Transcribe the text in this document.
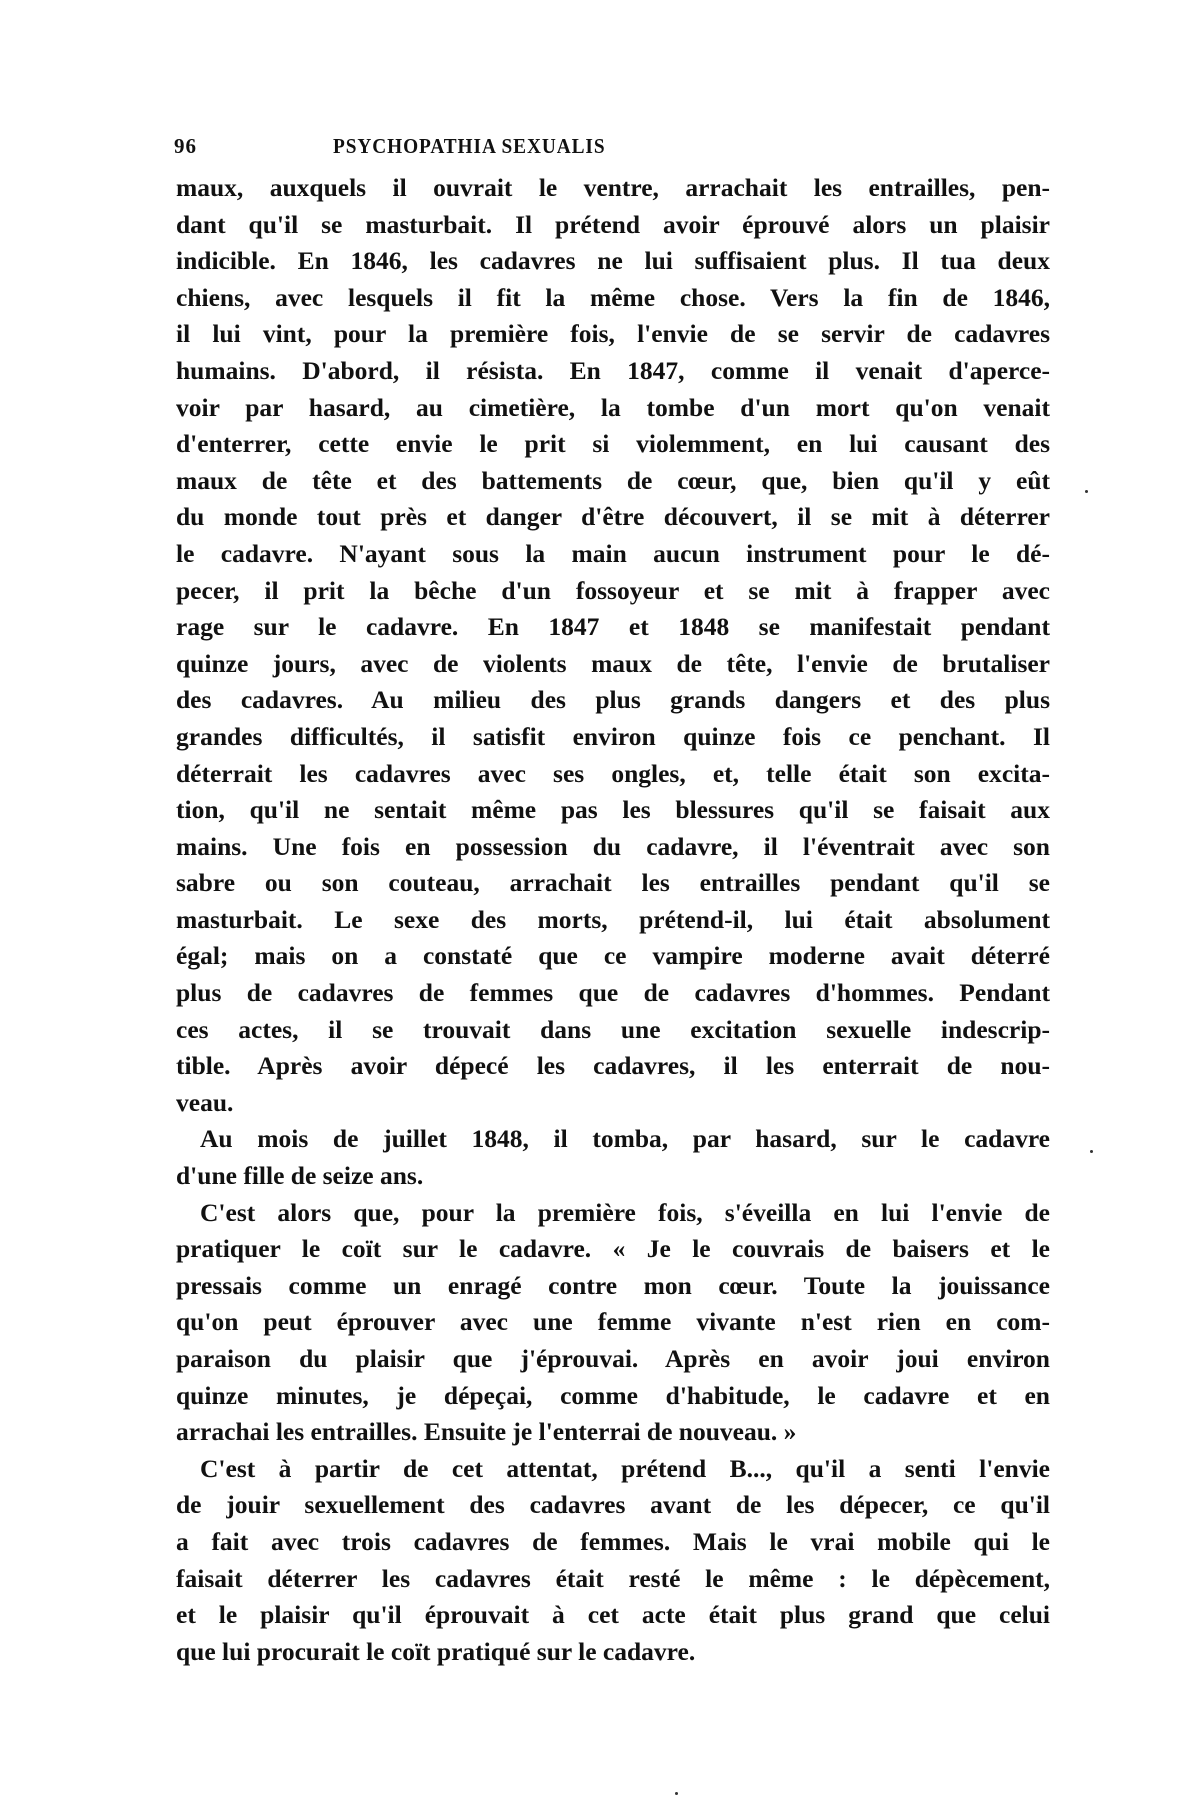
96	PSYCHOPATHIA SEXUALIS
maux, auxquels il ouvrait le ventre, arrachait les entrailles, pen-
dant qu'il se masturbait. Il prétend avoir éprouvé alors un plaisir
indicible. En 1846, les cadavres ne lui suffisaient plus. Il tua deux
chiens, avec lesquels il fit la même chose. Vers la fin de 1846,
il lui vint, pour la première fois, l'envie de se servir de cadavres
humains. D'abord, il résista. En 1847, comme il venait d'aperce-
voir par hasard, au cimetière, la tombe d'un mort qu'on venait
d'enterrer, cette envie le prit si violemment, en lui causant des
maux de tête et des battements de cœur, que, bien qu'il y eût
du monde tout près et danger d'être découvert, il se mit à déterrer
le cadavre. N'ayant sous la main aucun instrument pour le dé-
pecer, il prit la bêche d'un fossoyeur et se mit à frapper avec
rage sur le cadavre. En 1847 et 1848 se manifestait pendant
quinze jours, avec de violents maux de tête, l'envie de brutaliser
des cadavres. Au milieu des plus grands dangers et des plus
grandes difficultés, il satisfit environ quinze fois ce penchant. Il
déterrait les cadavres avec ses ongles, et, telle était son excita-
tion, qu'il ne sentait même pas les blessures qu'il se faisait aux
mains. Une fois en possession du cadavre, il l'éventrait avec son
sabre ou son couteau, arrachait les entrailles pendant qu'il se
masturbait. Le sexe des morts, prétend-il, lui était absolument
égal; mais on a constaté que ce vampire moderne avait déterré
plus de cadavres de femmes que de cadavres d'hommes. Pendant
ces actes, il se trouvait dans une excitation sexuelle indescrip-
tible. Après avoir dépecé les cadavres, il les enterrait de nou-
veau.
Au mois de juillet 1848, il tomba, par hasard, sur le cadavre
d'une fille de seize ans.
C'est alors que, pour la première fois, s'éveilla en lui l'envie de
pratiquer le coït sur le cadavre. « Je le couvrais de baisers et le
pressais comme un enragé contre mon cœur. Toute la jouissance
qu'on peut éprouver avec une femme vivante n'est rien en com-
paraison du plaisir que j'éprouvai. Après en avoir joui environ
quinze minutes, je dépeçai, comme d'habitude, le cadavre et en
arrachai les entrailles. Ensuite je l'enterrai de nouveau. »
C'est à partir de cet attentat, prétend B..., qu'il a senti l'envie
de jouir sexuellement des cadavres avant de les dépecer, ce qu'il
a fait avec trois cadavres de femmes. Mais le vrai mobile qui le
faisait déterrer les cadavres était resté le même : le dépècement,
et le plaisir qu'il éprouvait à cet acte était plus grand que celui
que lui procurait le coït pratiqué sur le cadavre.
